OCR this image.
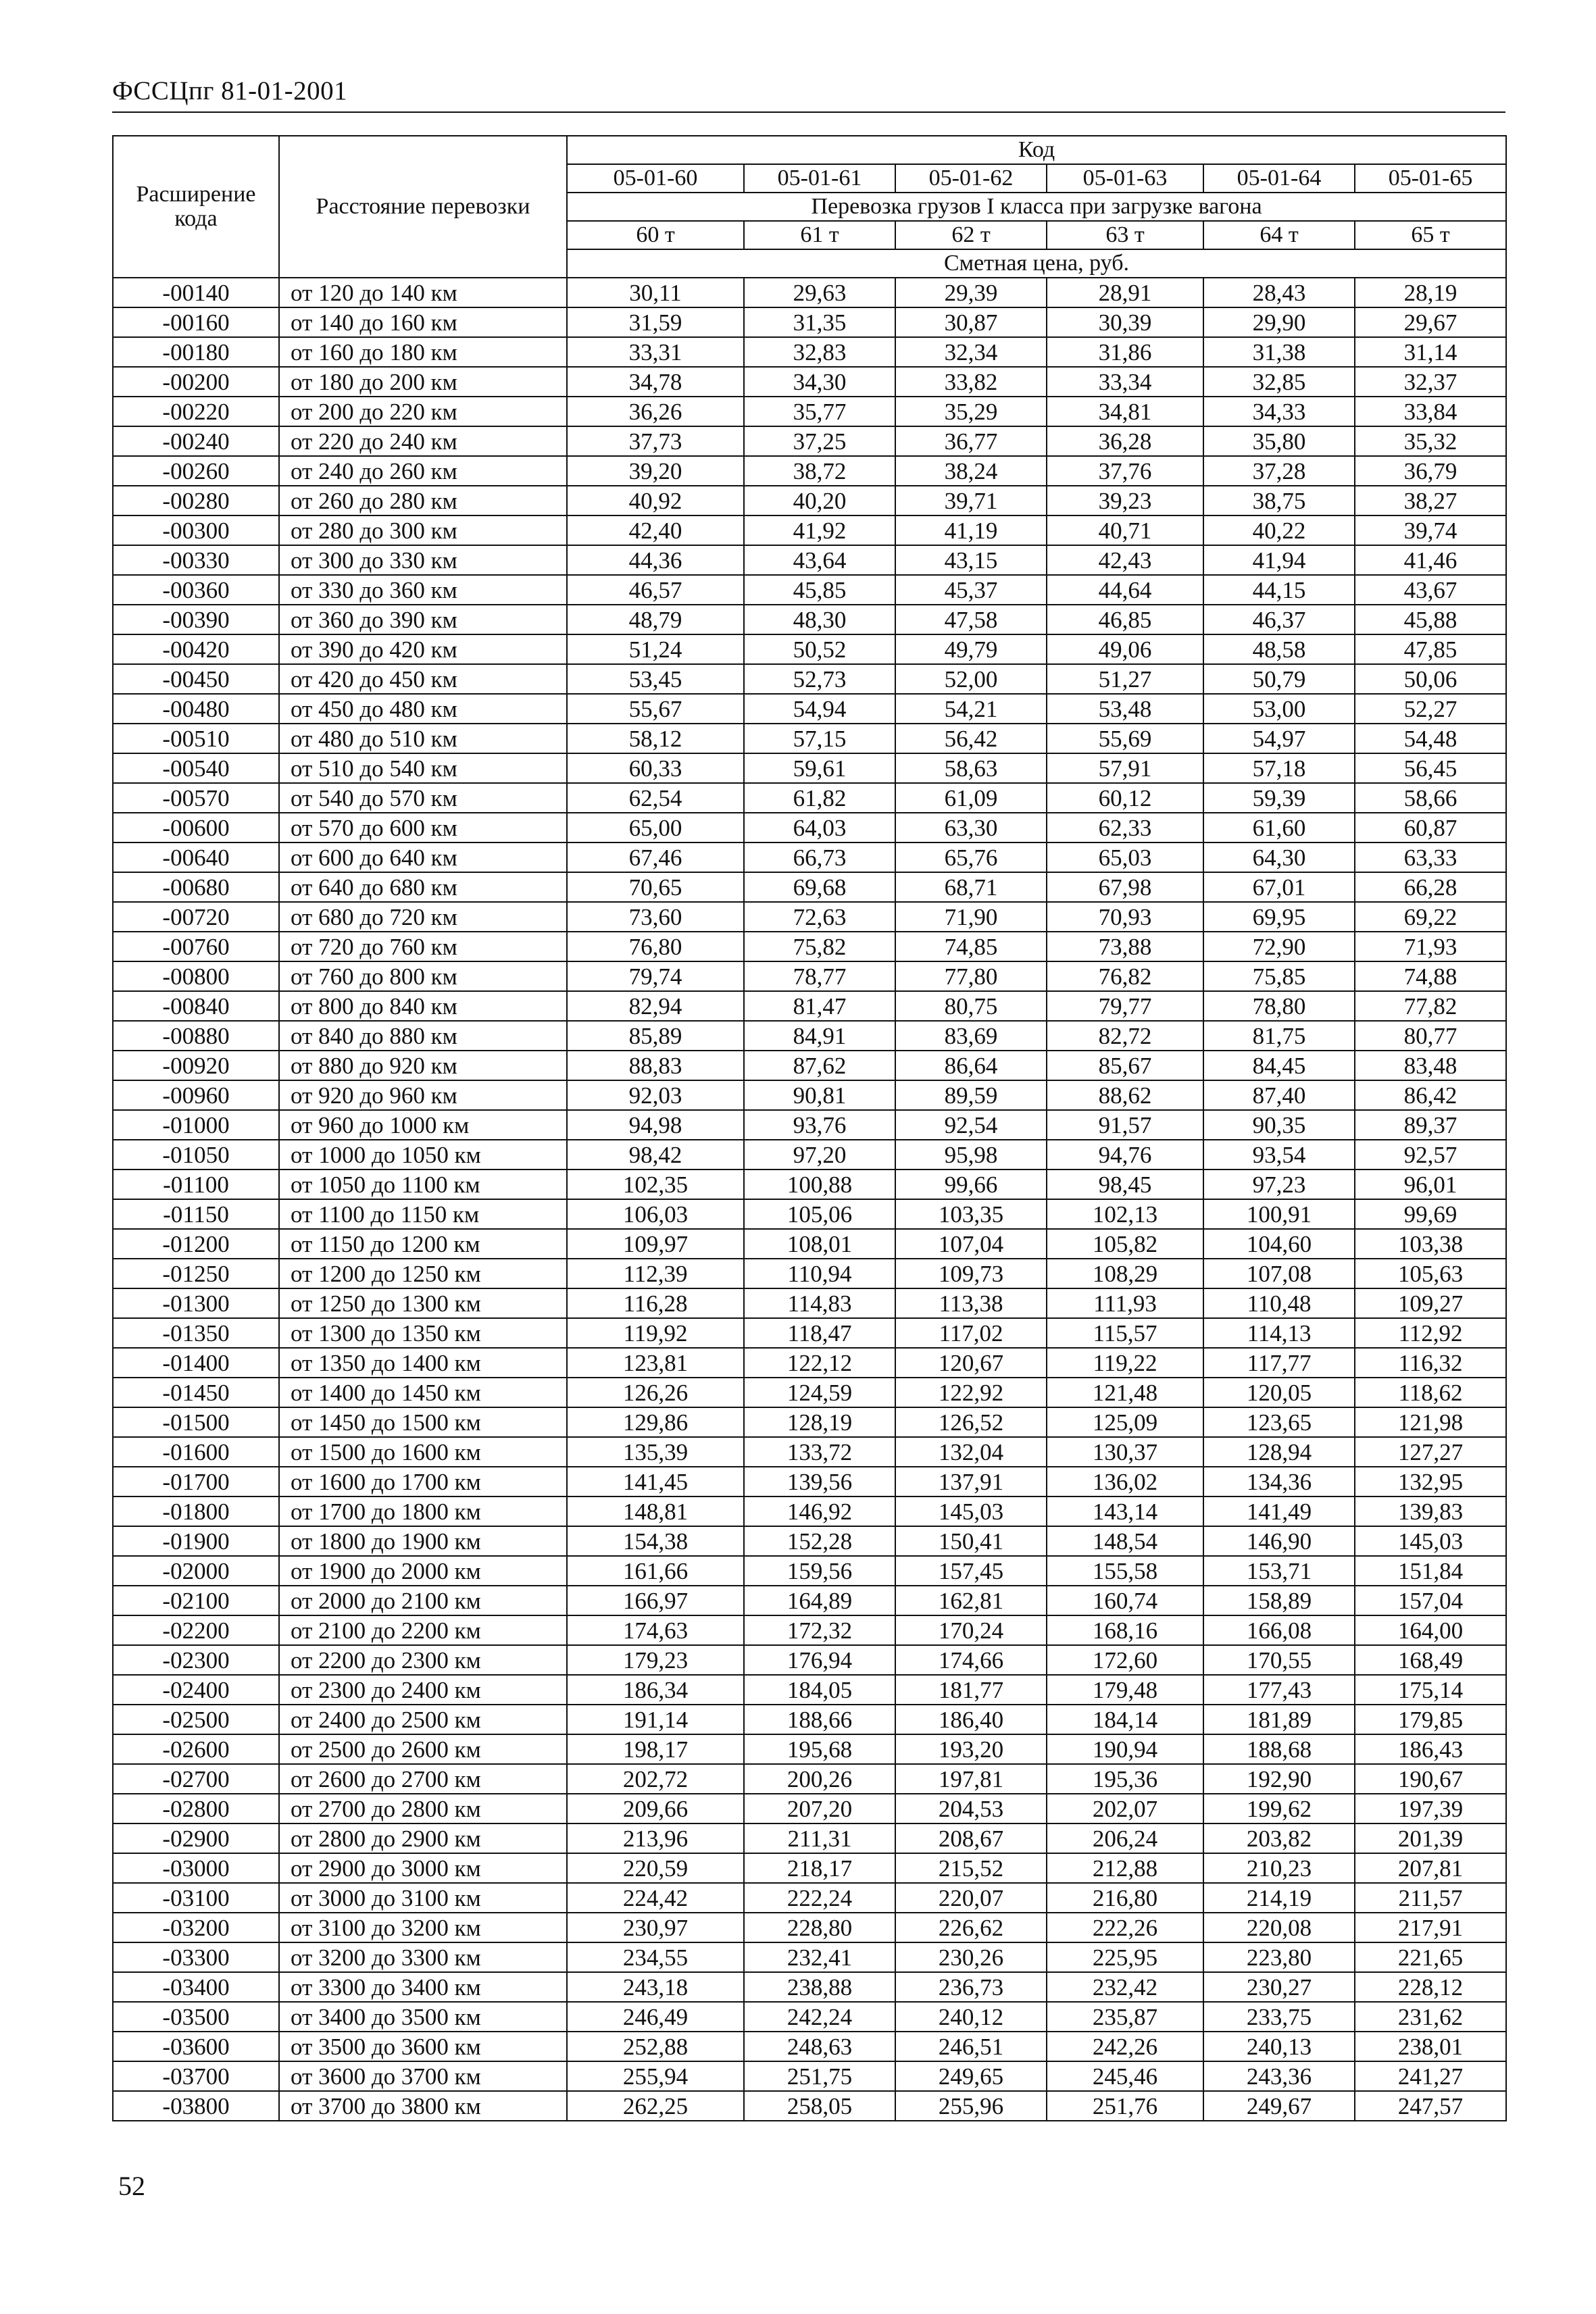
ФССЦпг 81-01-2001
Расширение кода	Расстояние перевозки	Код					
		05-01-60	05-01-61	05-01-62	05-01-63	05-01-64	05-01-65
		Перевозка грузов I класса при загрузке вагона					
		60 т	61 т	62 т	63 т	64 т	65 т
		Сметная цена, руб.					
-00140	от 120 до 140 км	30,11	29,63	29,39	28,91	28,43	28,19
-00160	от 140 до 160 км	31,59	31,35	30,87	30,39	29,90	29,67
-00180	от 160 до 180 км	33,31	32,83	32,34	31,86	31,38	31,14
-00200	от 180 до 200 км	34,78	34,30	33,82	33,34	32,85	32,37
-00220	от 200 до 220 км	36,26	35,77	35,29	34,81	34,33	33,84
-00240	от 220 до 240 км	37,73	37,25	36,77	36,28	35,80	35,32
-00260	от 240 до 260 км	39,20	38,72	38,24	37,76	37,28	36,79
-00280	от 260 до 280 км	40,92	40,20	39,71	39,23	38,75	38,27
-00300	от 280 до 300 км	42,40	41,92	41,19	40,71	40,22	39,74
-00330	от 300 до 330 км	44,36	43,64	43,15	42,43	41,94	41,46
-00360	от 330 до 360 км	46,57	45,85	45,37	44,64	44,15	43,67
-00390	от 360 до 390 км	48,79	48,30	47,58	46,85	46,37	45,88
-00420	от 390 до 420 км	51,24	50,52	49,79	49,06	48,58	47,85
-00450	от 420 до 450 км	53,45	52,73	52,00	51,27	50,79	50,06
-00480	от 450 до 480 км	55,67	54,94	54,21	53,48	53,00	52,27
-00510	от 480 до 510 км	58,12	57,15	56,42	55,69	54,97	54,48
-00540	от 510 до 540 км	60,33	59,61	58,63	57,91	57,18	56,45
-00570	от 540 до 570 км	62,54	61,82	61,09	60,12	59,39	58,66
-00600	от 570 до 600 км	65,00	64,03	63,30	62,33	61,60	60,87
-00640	от 600 до 640 км	67,46	66,73	65,76	65,03	64,30	63,33
-00680	от 640 до 680 км	70,65	69,68	68,71	67,98	67,01	66,28
-00720	от 680 до 720 км	73,60	72,63	71,90	70,93	69,95	69,22
-00760	от 720 до 760 км	76,80	75,82	74,85	73,88	72,90	71,93
-00800	от 760 до 800 км	79,74	78,77	77,80	76,82	75,85	74,88
-00840	от 800 до 840 км	82,94	81,47	80,75	79,77	78,80	77,82
-00880	от 840 до 880 км	85,89	84,91	83,69	82,72	81,75	80,77
-00920	от 880 до 920 км	88,83	87,62	86,64	85,67	84,45	83,48
-00960	от 920 до 960 км	92,03	90,81	89,59	88,62	87,40	86,42
-01000	от 960 до 1000 км	94,98	93,76	92,54	91,57	90,35	89,37
-01050	от 1000 до 1050 км	98,42	97,20	95,98	94,76	93,54	92,57
-01100	от 1050 до 1100 км	102,35	100,88	99,66	98,45	97,23	96,01
-01150	от 1100 до 1150 км	106,03	105,06	103,35	102,13	100,91	99,69
-01200	от 1150 до 1200 км	109,97	108,01	107,04	105,82	104,60	103,38
-01250	от 1200 до 1250 км	112,39	110,94	109,73	108,29	107,08	105,63
-01300	от 1250 до 1300 км	116,28	114,83	113,38	111,93	110,48	109,27
-01350	от 1300 до 1350 км	119,92	118,47	117,02	115,57	114,13	112,92
-01400	от 1350 до 1400 км	123,81	122,12	120,67	119,22	117,77	116,32
-01450	от 1400 до 1450 км	126,26	124,59	122,92	121,48	120,05	118,62
-01500	от 1450 до 1500 км	129,86	128,19	126,52	125,09	123,65	121,98
-01600	от 1500 до 1600 км	135,39	133,72	132,04	130,37	128,94	127,27
-01700	от 1600 до 1700 км	141,45	139,56	137,91	136,02	134,36	132,95
-01800	от 1700 до 1800 км	148,81	146,92	145,03	143,14	141,49	139,83
-01900	от 1800 до 1900 км	154,38	152,28	150,41	148,54	146,90	145,03
-02000	от 1900 до 2000 км	161,66	159,56	157,45	155,58	153,71	151,84
-02100	от 2000 до 2100 км	166,97	164,89	162,81	160,74	158,89	157,04
-02200	от 2100 до 2200 км	174,63	172,32	170,24	168,16	166,08	164,00
-02300	от 2200 до 2300 км	179,23	176,94	174,66	172,60	170,55	168,49
-02400	от 2300 до 2400 км	186,34	184,05	181,77	179,48	177,43	175,14
-02500	от 2400 до 2500 км	191,14	188,66	186,40	184,14	181,89	179,85
-02600	от 2500 до 2600 км	198,17	195,68	193,20	190,94	188,68	186,43
-02700	от 2600 до 2700 км	202,72	200,26	197,81	195,36	192,90	190,67
-02800	от 2700 до 2800 км	209,66	207,20	204,53	202,07	199,62	197,39
-02900	от 2800 до 2900 км	213,96	211,31	208,67	206,24	203,82	201,39
-03000	от 2900 до 3000 км	220,59	218,17	215,52	212,88	210,23	207,81
-03100	от 3000 до 3100 км	224,42	222,24	220,07	216,80	214,19	211,57
-03200	от 3100 до 3200 км	230,97	228,80	226,62	222,26	220,08	217,91
-03300	от 3200 до 3300 км	234,55	232,41	230,26	225,95	223,80	221,65
-03400	от 3300 до 3400 км	243,18	238,88	236,73	232,42	230,27	228,12
-03500	от 3400 до 3500 км	246,49	242,24	240,12	235,87	233,75	231,62
-03600	от 3500 до 3600 км	252,88	248,63	246,51	242,26	240,13	238,01
-03700	от 3600 до 3700 км	255,94	251,75	249,65	245,46	243,36	241,27
-03800	от 3700 до 3800 км	262,25	258,05	255,96	251,76	249,67	247,57
52
